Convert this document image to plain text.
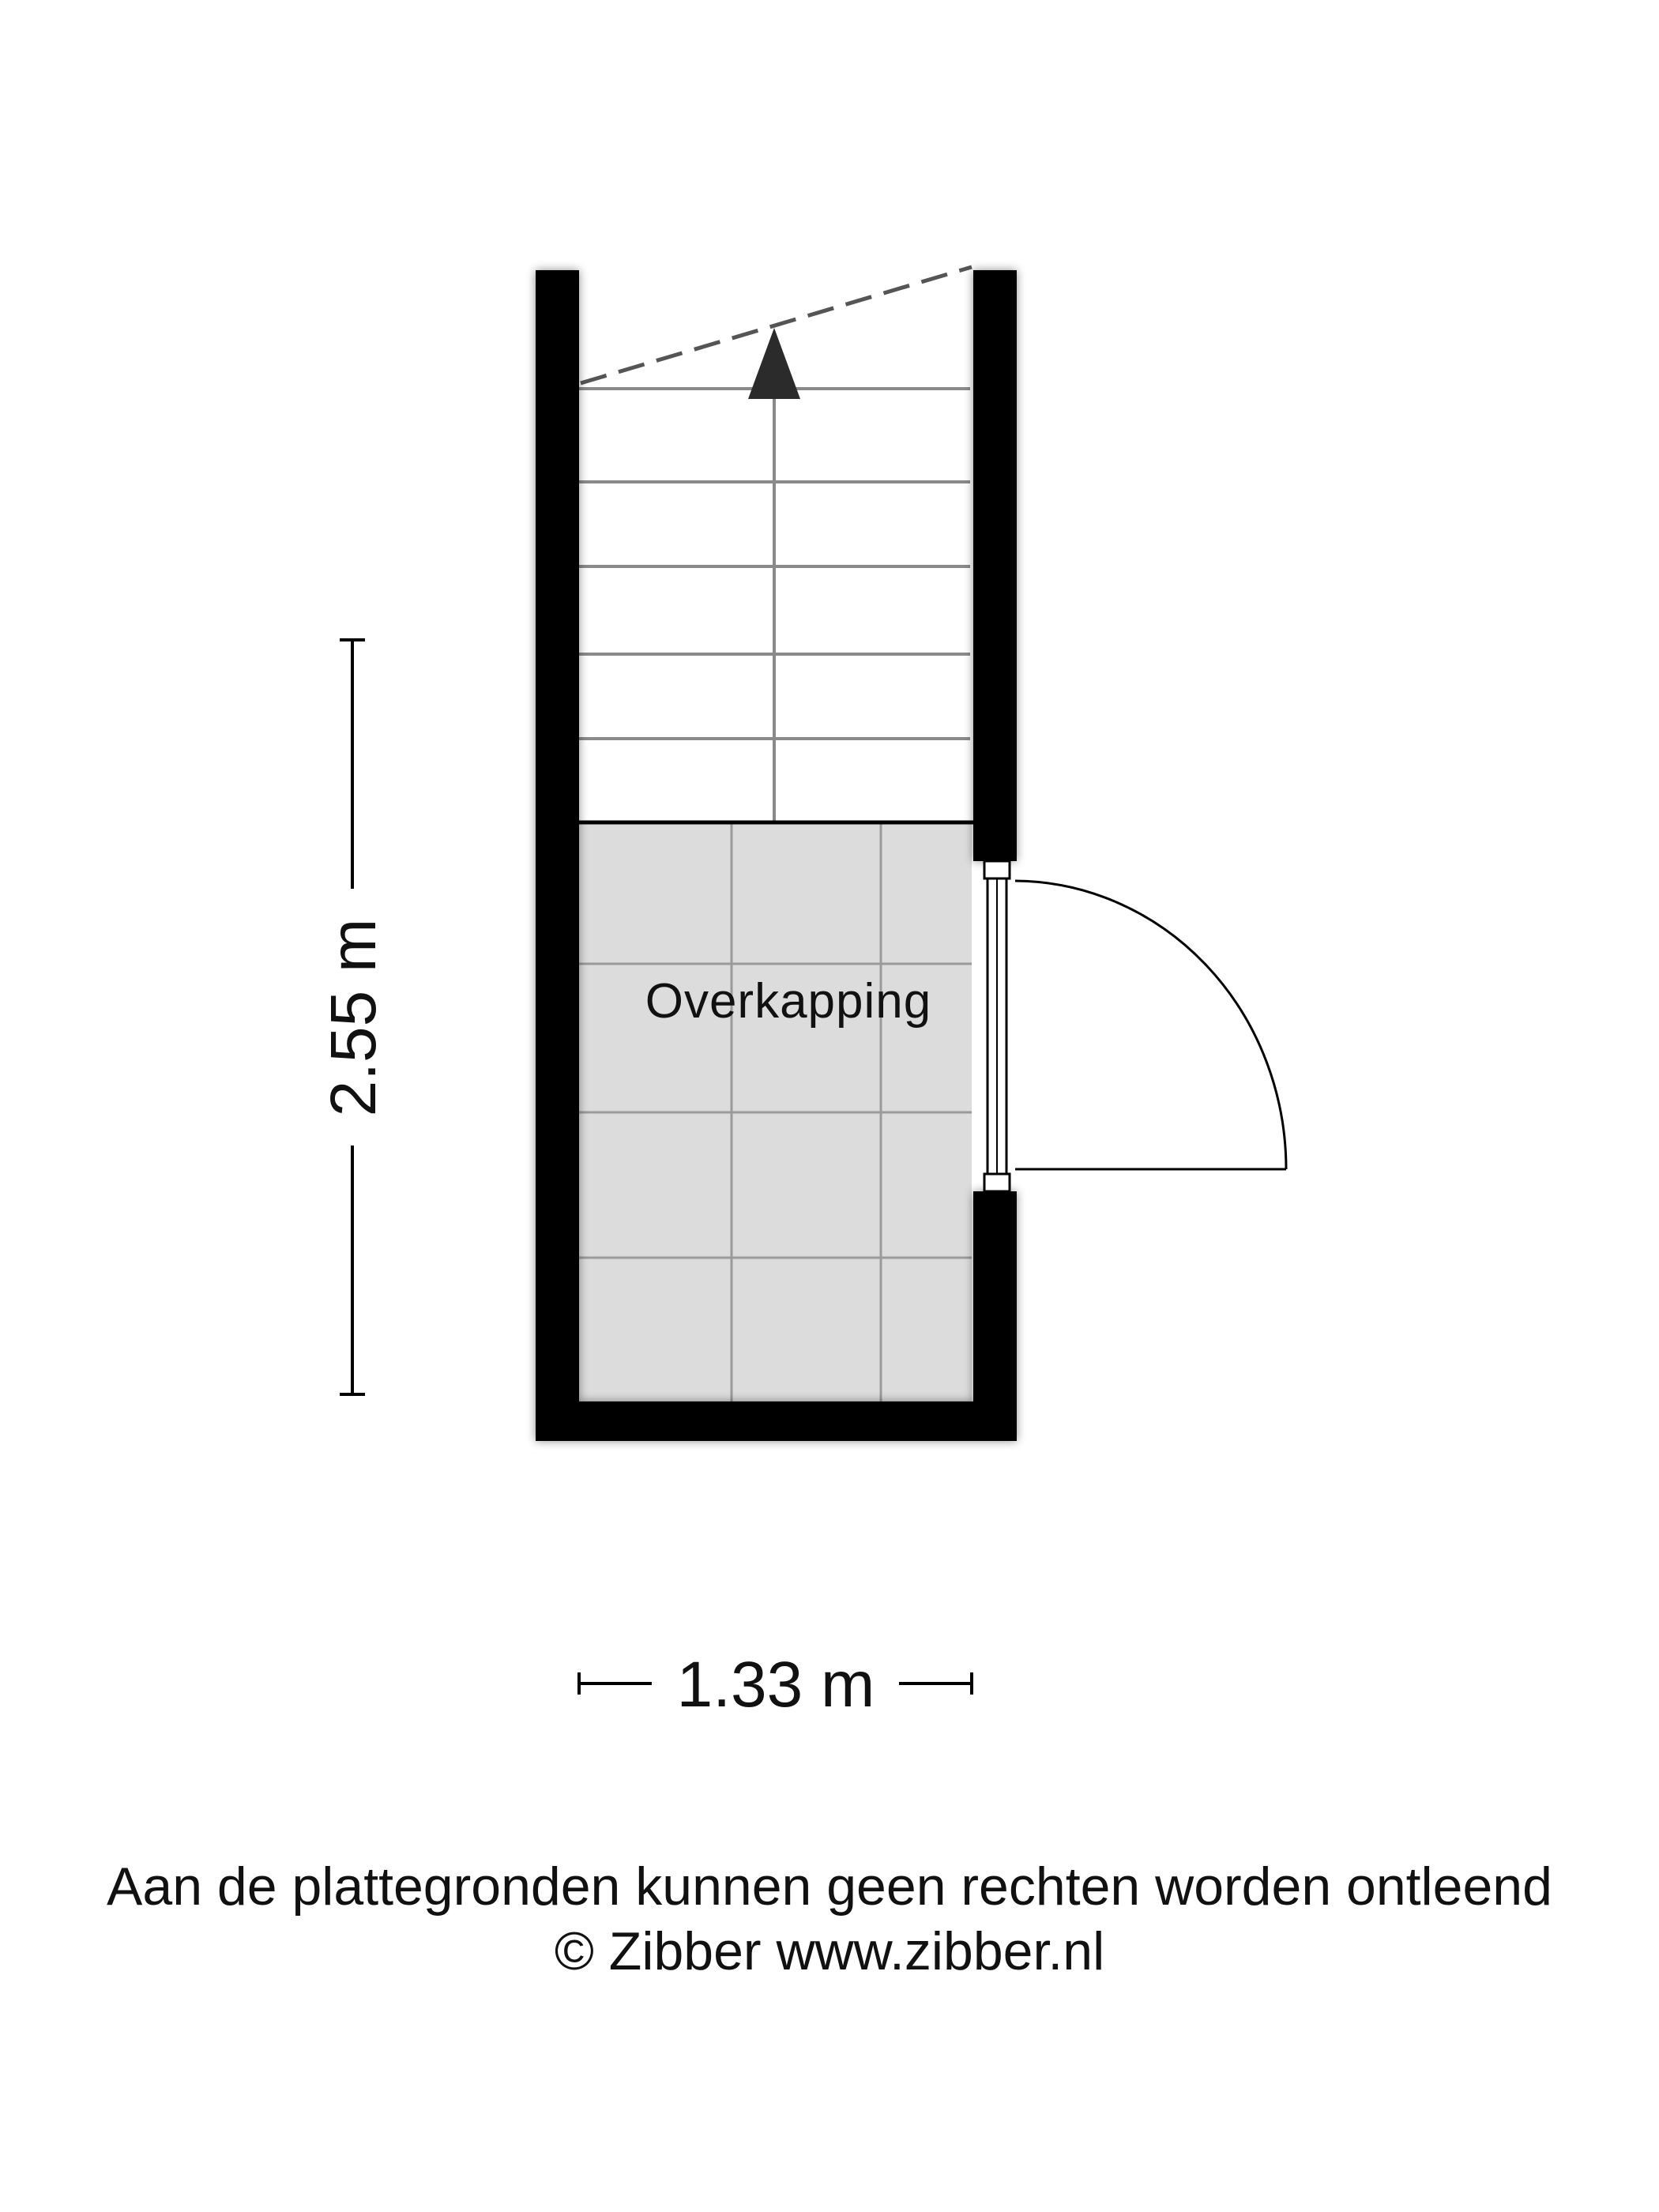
Overkapping
2.55 m
1.33 m
Aan de plattegronden kunnen geen rechten worden ontleend
© Zibber www.zibber.nl
